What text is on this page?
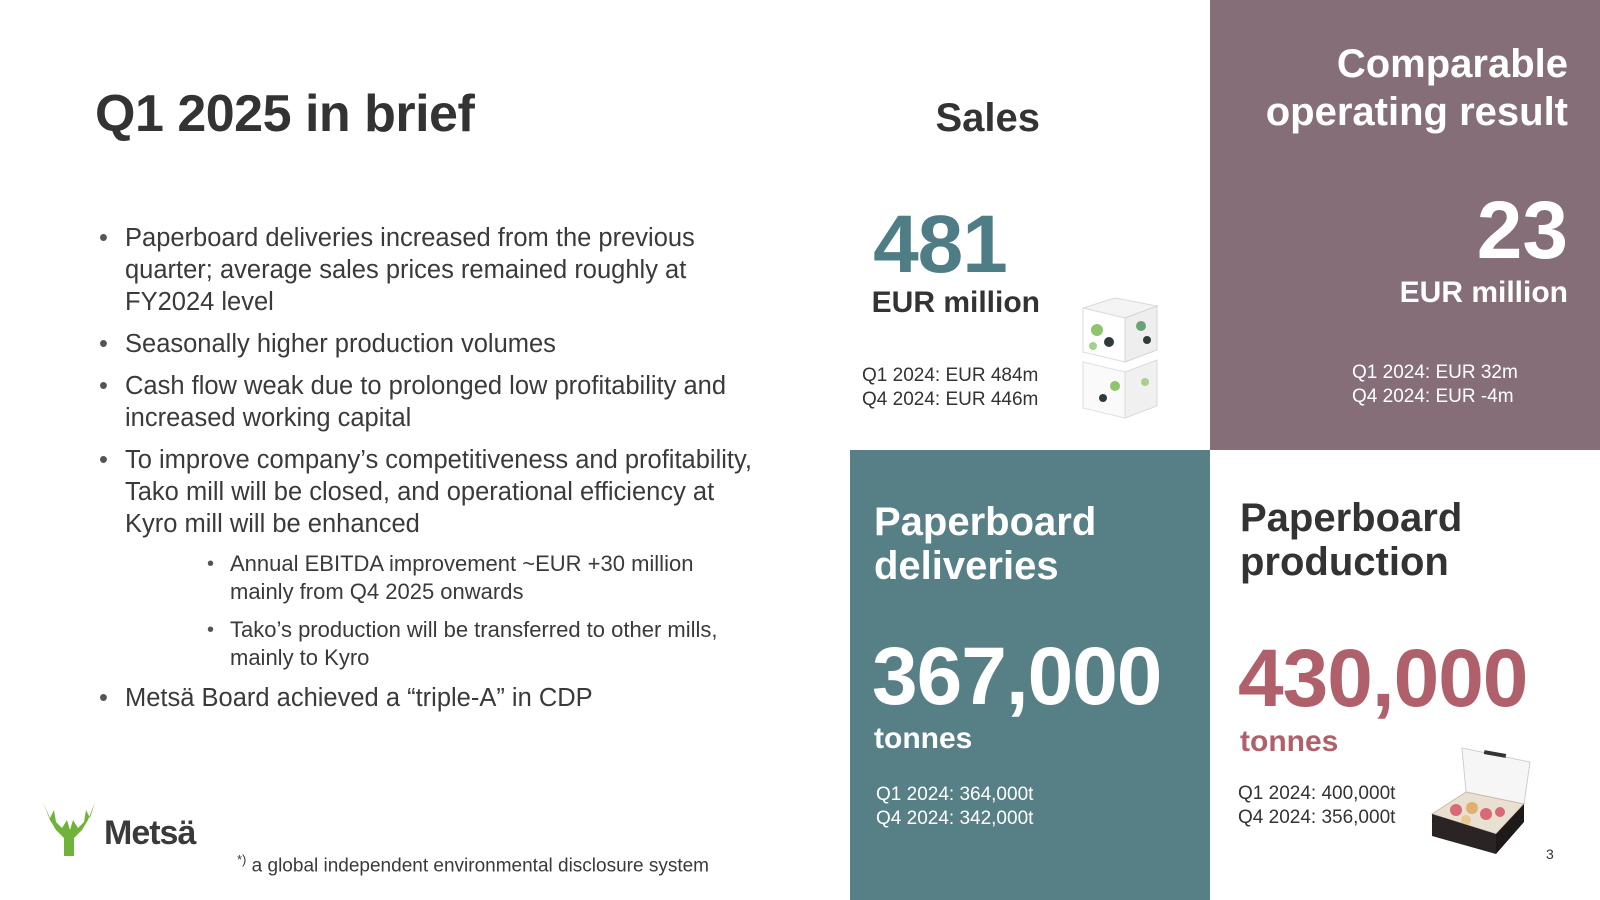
Q1 2025 in brief
• Paperboard deliveries increased from the previous quarter; average sales prices remained roughly at FY2024 level
• Seasonally higher production volumes
• Cash flow weak due to prolonged low profitability and increased working capital
• To improve company’s competitiveness and profitability, Tako mill will be closed, and operational efficiency at Kyro mill will be enhanced
• Annual EBITDA improvement ~EUR +30 million mainly from Q4 2025 onwards
• Tako’s production will be transferred to other mills, mainly to Kyro
• Metsä Board achieved a “triple-A” in CDP
Metsä
*) a global independent environmental disclosure system
Sales
481
EUR million
Q1 2024: EUR 484m
Q4 2024: EUR 446m
Comparable
operating result
23
EUR million
Q1 2024: EUR 32m
Q4 2024: EUR -4m
Paperboard
deliveries
367,000
tonnes
Q1 2024: 364,000t
Q4 2024: 342,000t
Paperboard
production
430,000
tonnes
Q1 2024: 400,000t
Q4 2024: 356,000t
3
